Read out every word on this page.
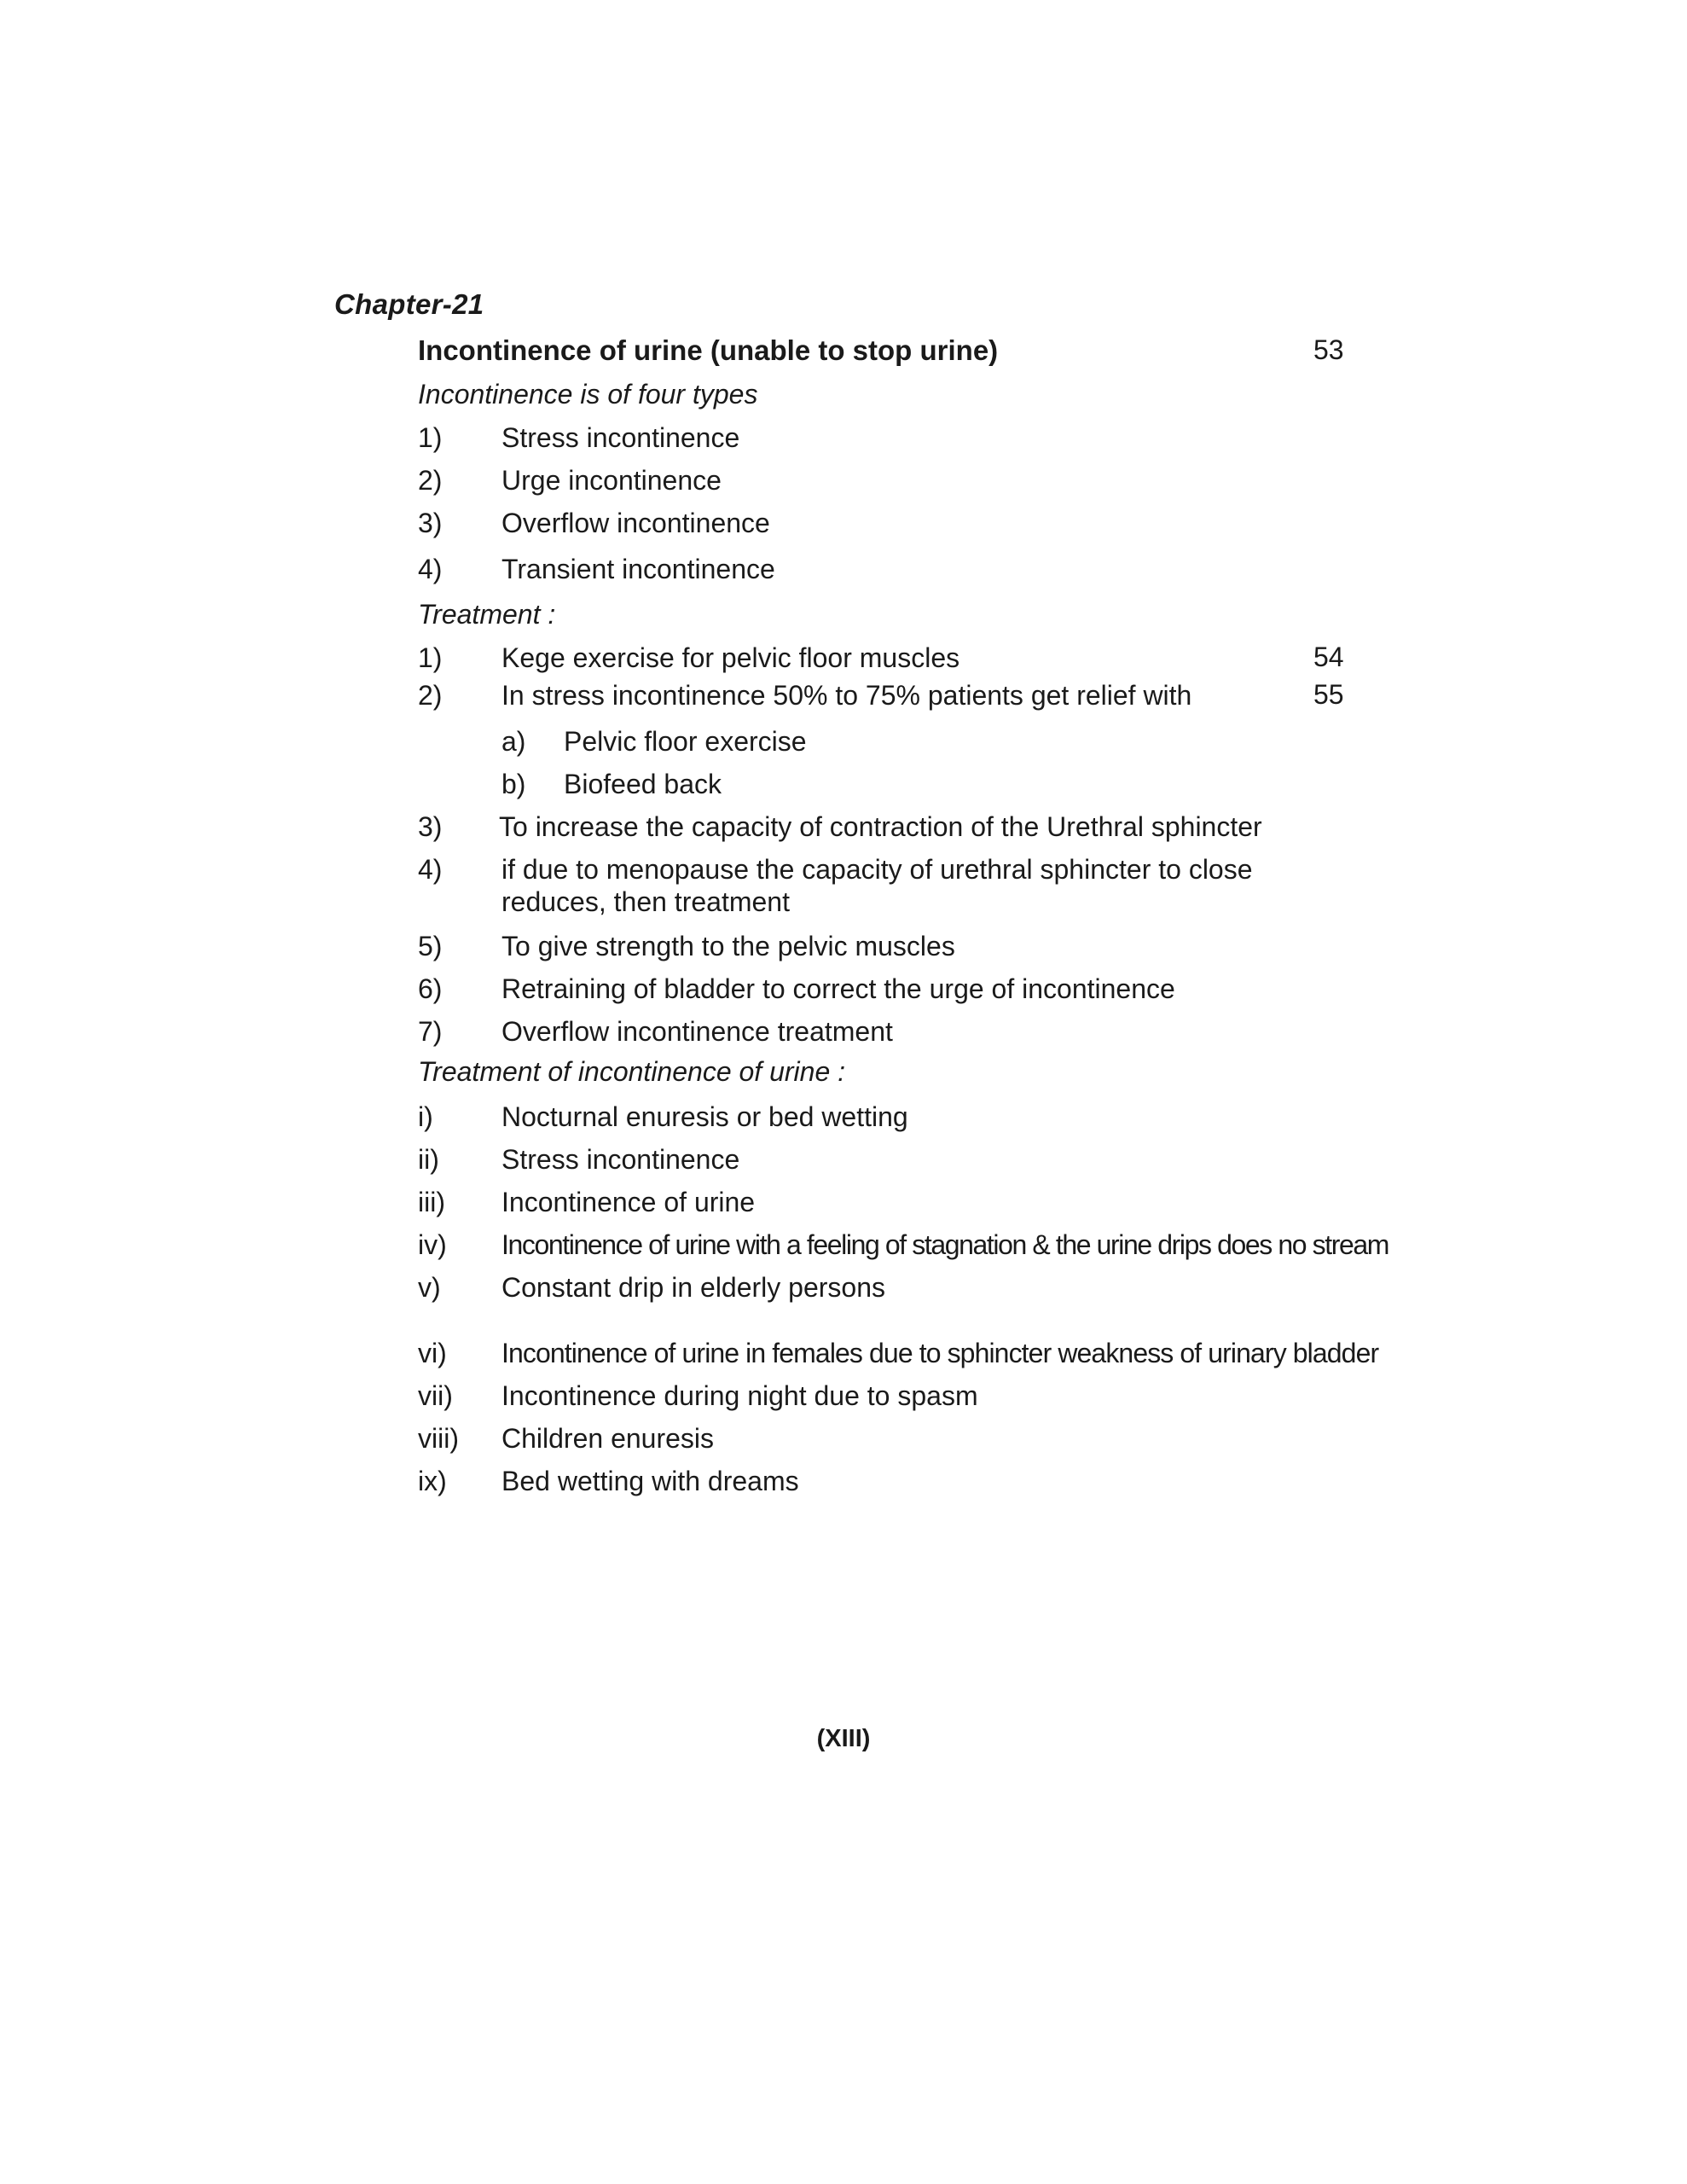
Chapter-21
Incontinence of urine (unable to stop urine)	53
Incontinence is of four types
1) Stress incontinence
2) Urge incontinence
3) Overflow incontinence
4) Transient incontinence
Treatment :
1) Kege exercise for pelvic floor muscles	54
2) In stress incontinence 50% to 75% patients get relief with	55
a) Pelvic floor exercise
b) Biofeed back
3) To increase the capacity of contraction of the Urethral sphincter
4) if due to menopause the capacity of urethral sphincter to close reduces, then treatment
5) To give strength to the pelvic muscles
6) Retraining of bladder to correct the urge of incontinence
7) Overflow incontinence treatment
Treatment of incontinence of urine :
i)	Nocturnal enuresis or bed wetting
ii) Stress incontinence
iii) Incontinence of urine
iv) Incontinence of urine with a feeling of stagnation & the urine drips does no stream
v) Constant drip in elderly persons
vi) Incontinence of urine in females due to sphincter weakness of urinary bladder
vii) Incontinence during night due to spasm
viii) Children enuresis
ix) Bed wetting with dreams
(XIII)
